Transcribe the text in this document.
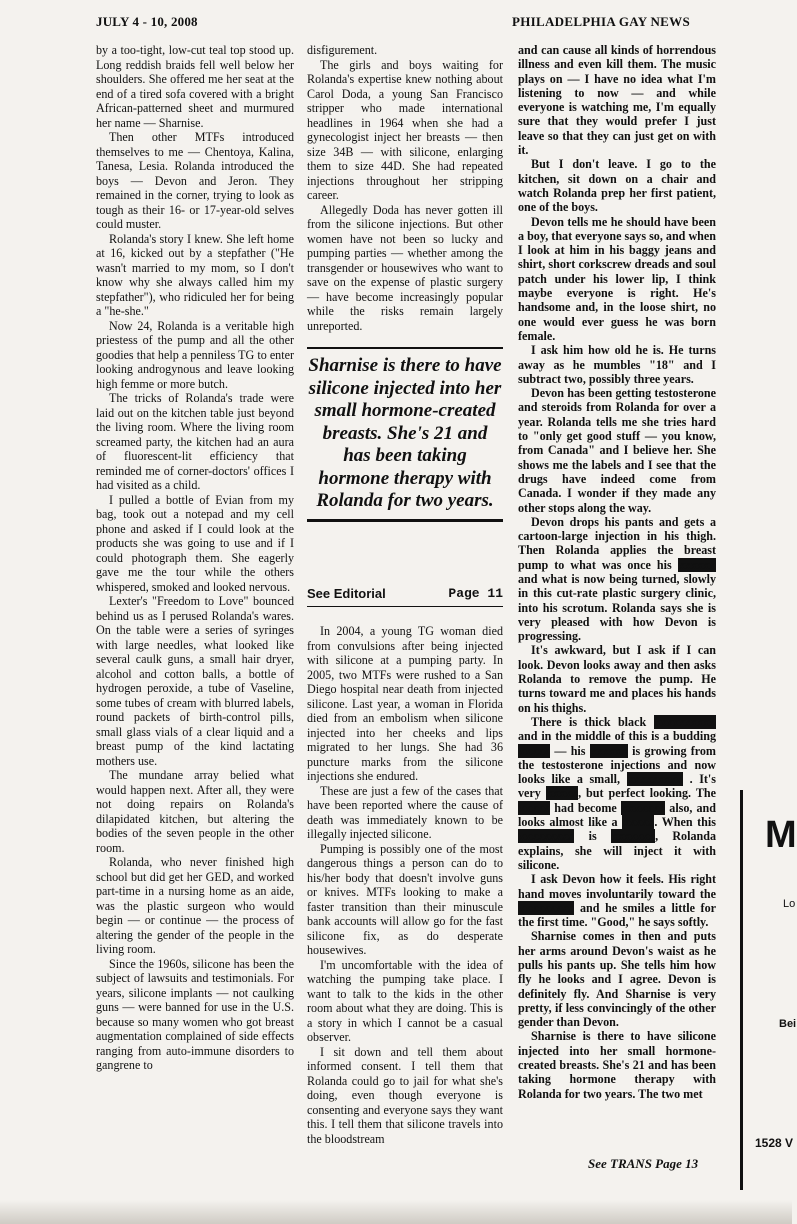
JULY 4 - 10, 2008	PHILADELPHIA GAY NEWS

by a too-tight, low-cut teal top stood up. Long reddish braids fell well below her shoulders. She offered me her seat at the end of a tired sofa covered with a bright African-patterned sheet and murmured her name — Sharnise.

Then other MTFs introduced themselves to me — Chentoya, Kalina, Tanesa, Lesia. Rolanda introduced the boys — Devon and Jeron. They remained in the corner, trying to look as tough as their 16- or 17-year-old selves could muster.

Rolanda's story I knew. She left home at 16, kicked out by a stepfather ("He wasn't married to my mom, so I don't know why she always called him my stepfather"), who ridiculed her for being a "he-she."

Now 24, Rolanda is a veritable high priestess of the pump and all the other goodies that help a penniless TG to enter looking androgynous and leave looking high femme or more butch.

The tricks of Rolanda's trade were laid out on the kitchen table just beyond the living room. Where the living room screamed party, the kitchen had an aura of fluorescent-lit efficiency that reminded me of corner-doctors' offices I had visited as a child.

I pulled a bottle of Evian from my bag, took out a notepad and my cell phone and asked if I could look at the products she was going to use and if I could photograph them. She eagerly gave me the tour while the others whispered, smoked and looked nervous.

Lexter's "Freedom to Love" bounced behind us as I perused Rolanda's wares. On the table were a series of syringes with large needles, what looked like several caulk guns, a small hair dryer, alcohol and cotton balls, a bottle of hydrogen peroxide, a tube of Vaseline, some tubes of cream with blurred labels, round packets of birth-control pills, small glass vials of a clear liquid and a breast pump of the kind lactating mothers use.

The mundane array belied what would happen next. After all, they were not doing repairs on Rolanda's dilapidated kitchen, but altering the bodies of the seven people in the other room.

Rolanda, who never finished high school but did get her GED, and worked part-time in a nursing home as an aide, was the plastic surgeon who would begin — or continue — the process of altering the gender of the people in the living room.

Since the 1960s, silicone has been the subject of lawsuits and testimonials. For years, silicone implants — not caulking guns — were banned for use in the U.S. because so many women who got breast augmentation complained of side effects ranging from auto-immune disorders to gangrene to

disfigurement.

The girls and boys waiting for Rolanda's expertise knew nothing about Carol Doda, a young San Francisco stripper who made international headlines in 1964 when she had a gynecologist inject her breasts — then size 34B — with silicone, enlarging them to size 44D. She had repeated injections throughout her stripping career.

Allegedly Doda has never gotten ill from the silicone injections. But other women have not been so lucky and pumping parties — whether among the transgender or housewives who want to save on the expense of plastic surgery — have become increasingly popular while the risks remain largely unreported.

Sharnise is there to have silicone injected into her small hormone-created breasts. She's 21 and has been taking hormone therapy with Rolanda for two years.
See Editorial	Page 11

In 2004, a young TG woman died from convulsions after being injected with silicone at a pumping party. In 2005, two MTFs were rushed to a San Diego hospital near death from injected silicone. Last year, a woman in Florida died from an embolism when silicone injected into her cheeks and lips migrated to her lungs. She had 36 puncture marks from the silicone injections she endured.

These are just a few of the cases that have been reported where the cause of death was immediately known to be illegally injected silicone.

Pumping is possibly one of the most dangerous things a person can do to his/her body that doesn't involve guns or knives. MTFs looking to make a faster transition than their minuscule bank accounts will allow go for the fast silicone fix, as do desperate housewives.

I'm uncomfortable with the idea of watching the pumping take place. I want to talk to the kids in the other room about what they are doing. This is a story in which I cannot be a casual observer.

I sit down and tell them about informed consent. I tell them that Rolanda could go to jail for what she's doing, even though everyone is consenting and everyone says they want this. I tell them that silicone travels into the bloodstream

and can cause all kinds of horrendous illness and even kill them. The music plays on — I have no idea what I'm listening to now — and while everyone is watching me, I'm equally sure that they would prefer I just leave so that they can just get on with it.

But I don't leave. I go to the kitchen, sit down on a chair and watch Rolanda prep her first patient, one of the boys.

Devon tells me he should have been a boy, that everyone says so, and when I look at him in his baggy jeans and shirt, short corkscrew dreads and soul patch under his lower lip, I think maybe everyone is right. He's handsome and, in the loose shirt, no one would ever guess he was born female.

I ask him how old he is. He turns away as he mumbles "18" and I subtract two, possibly three years.

Devon has been getting testosterone and steroids from Rolanda for over a year. Rolanda tells me she tries hard to "only get good stuff — you know, from Canada" and I believe her. She shows me the labels and I see that the drugs have indeed come from Canada. I wonder if they made any other stops along the way.

Devon drops his pants and gets a cartoon-large injection in his thigh. Then Rolanda applies the breast pump to what was once his xxxxxx and what is now being turned, slowly in this cut-rate plastic surgery clinic, into his scrotum. Rolanda says she is very pleased with how Devon is progressing.

It's awkward, but I ask if I can look. Devon looks away and then asks Rolanda to remove the pump. He turns toward me and places his hands on his thighs.

There is thick black xxxxxxxxxx and in the middle of this is a budding xxxxx — his xxxxxx is growing from the testosterone injections and now looks like a small, xxxxxxxxx . It's very xxxxx, but perfect looking. The xxxxx had become xxxxxxx also, and looks almost like a xxxxx. When this xxxxxxxxx is xxxxxxx, Rolanda explains, she will inject it with silicone.

I ask Devon how it feels. His right hand moves involuntarily toward the xxxxxxxxx and he smiles a little for the first time. "Good," he says softly.

Sharnise comes in then and puts her arms around Devon's waist as he pulls his pants up. She tells him how fly he looks and I agree. Devon is definitely fly. And Sharnise is very pretty, if less convincingly of the other gender than Devon.

Sharnise is there to have silicone injected into her small hormone-created breasts. She's 21 and has been taking hormone therapy with Rolanda for two years. The two met

See TRANS Page 13
M
Lo
Bei
1528 V
